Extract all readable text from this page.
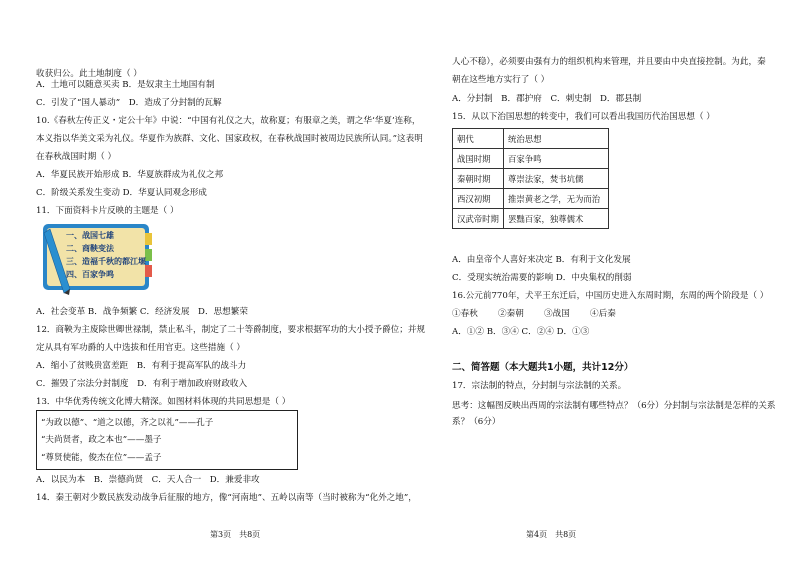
收获归公。此土地制度（ ）
A．土地可以随意买卖 B．是奴隶主土地国有制
C．引发了“国人暴动”　D．造成了分封制的瓦解
10.《春秋左传正义・定公十年》中说：“中国有礼仪之大，故称夏；有服章之美，谓之华‘华夏’连称，
本义指以华美文采为礼仪。华夏作为族群、文化、国家政权，在春秋战国时被周边民族所认同。”这表明
在春秋战国时期（ ）
A．华夏民族开始形成 B．华夏族群成为礼仪之邦
C．阶级关系发生变动 D．华夏认同观念形成
11．下面资料卡片反映的主题是（ ）
一、战国七雄
二、商鞅变法
三、造福千秋的都江堰
四、百家争鸣
A．社会变革 B．战争频繁 C．经济发展　D．思想繁荣
12．商鞅为主废除世卿世禄制，禁止私斗，制定了二十等爵制度，要求根据军功的大小授予爵位；并规
定从具有军功爵的人中选拔和任用官吏。这些措施（ ）
A．缩小了贫贱贵富差距　B．有利于提高军队的战斗力
C．摧毁了宗法分封制度　D．有利于增加政府财政收入
13．中华优秀传统文化博大精深。如图材料体现的共同思想是（ ）
“为政以德”、“道之以德，齐之以礼”——孔子
“夫尚贤者，政之本也”——墨子
“尊贤使能，俊杰在位”——孟子
A．以民为本　B．崇德尚贤　C．天人合一　D．兼爱非攻
14．秦王朝对少数民族发动战争后征服的地方，像“河南地”、五岭以南等（当时被称为“化外之地”，
第3页　共8页
人心不稳），必须要由强有力的组织机构来管理，并且要由中央直接控制。为此，秦
朝在这些地方实行了（ ）
A．分封制　B．郡护府　C．刺史制　D．郡县制
15．从以下治国思想的转变中，我们可以看出我国历代治国思想（ ）
朝代	统治思想
战国时期	百家争鸣
秦朝时期	尊崇法家，焚书坑儒
西汉初期	推崇黄老之学，无为而治
汉武帝时期	罢黜百家，独尊儒术
A．由皇帝个人喜好来决定 B．有利于文化发展
C．受现实统治需要的影响 D．中央集权的削弱
16.公元前770年，犬平王东迁后，中国历史进入东周时期，东周的两个阶段是（ ）
①春秋 ②秦朝 ③战国 ④后秦
A．①② B．③④ C．②④ D．①③
二、简答题（本大题共1小题，共计12分）
17．宗法制的特点，分封制与宗法制的关系。
思考：这幅图反映出西周的宗法制有哪些特点？（6分）分封制与宗法制是怎样的关系
系？（6分）
第4页　共8页
